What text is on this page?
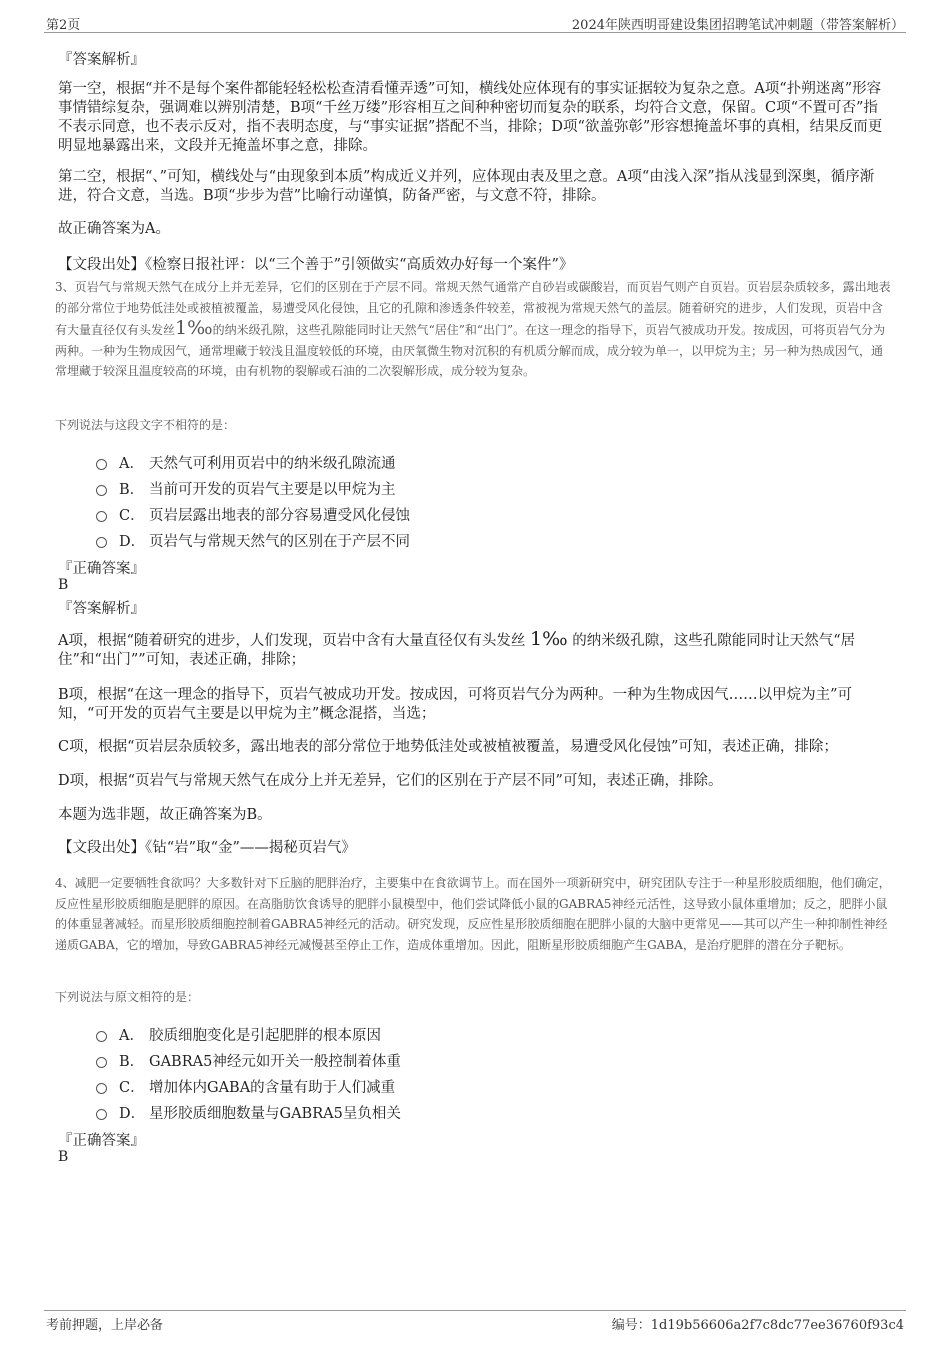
第2页	2024年陕西明哥建设集团招聘笔试冲刺题（带答案解析）
『答案解析』
第一空，根据“并不是每个案件都能轻轻松松查清看懂弄透”可知，横线处应体现有的事实证据较为复杂之意。A项“扑朔迷离”形容事情错综复杂，强调难以辨别清楚，B项“千丝万缕”形容相互之间种种密切而复杂的联系，均符合文意，保留。C项“不置可否”指不表示同意，也不表示反对，指不表明态度，与“事实证据”搭配不当，排除；D项“欲盖弥彰”形容想掩盖坏事的真相，结果反而更明显地暴露出来，文段并无掩盖坏事之意，排除。
第二空，根据“、”可知，横线处与“由现象到本质”构成近义并列，应体现由表及里之意。A项“由浅入深”指从浅显到深奥，循序渐进，符合文意，当选。B项“步步为营”比喻行动谨慎，防备严密，与文意不符，排除。
故正确答案为A。
【文段出处】《检察日报社评：以“三个善于”引领做实“高质效办好每一个案件”》
3、页岩气与常规天然气在成分上并无差异，它们的区别在于产层不同。常规天然气通常产自砂岩或碳酸岩，而页岩气则产自页岩。页岩层杂质较多，露出地表的部分常位于地势低洼处或被植被覆盖，易遭受风化侵蚀，且它的孔隙和渗透条件较差，常被视为常规天然气的盖层。随着研究的进步，人们发现，页岩中含有大量直径仅有头发丝1‰的纳米级孔隙，这些孔隙能同时让天然气“居住”和“出门”。在这一理念的指导下，页岩气被成功开发。按成因，可将页岩气分为两种。一种为生物成因气，通常埋藏于较浅且温度较低的环境，由厌氧微生物对沉积的有机质分解而成，成分较为单一，以甲烷为主；另一种为热成因气，通常埋藏于较深且温度较高的环境，由有机物的裂解或石油的二次裂解形成，成分较为复杂。
下列说法与这段文字不相符的是：
A． 天然气可利用页岩中的纳米级孔隙流通
B． 当前可开发的页岩气主要是以甲烷为主
C． 页岩层露出地表的部分容易遭受风化侵蚀
D． 页岩气与常规天然气的区别在于产层不同
『正确答案』
B
『答案解析』
A项，根据“随着研究的进步，人们发现，页岩中含有大量直径仅有头发丝 1‰ 的纳米级孔隙，这些孔隙能同时让天然气“居住”和“出门””可知，表述正确，排除；
B项，根据“在这一理念的指导下，页岩气被成功开发。按成因，可将页岩气分为两种。一种为生物成因气……以甲烷为主”可知，“可开发的页岩气主要是以甲烷为主”概念混搭，当选；
C项，根据“页岩层杂质较多，露出地表的部分常位于地势低洼处或被植被覆盖，易遭受风化侵蚀”可知，表述正确，排除；
D项，根据“页岩气与常规天然气在成分上并无差异，它们的区别在于产层不同”可知，表述正确，排除。
本题为选非题，故正确答案为B。
【文段出处】《钻“岩”取“金”——揭秘页岩气》
4、减肥一定要牺牲食欲吗？大多数针对下丘脑的肥胖治疗，主要集中在食欲调节上。而在国外一项新研究中，研究团队专注于一种星形胶质细胞，他们确定，反应性星形胶质细胞是肥胖的原因。在高脂肪饮食诱导的肥胖小鼠模型中，他们尝试降低小鼠的GABRA5神经元活性，这导致小鼠体重增加；反之，肥胖小鼠的体重显著减轻。而星形胶质细胞控制着GABRA5神经元的活动。研究发现，反应性星形胶质细胞在肥胖小鼠的大脑中更常见——其可以产生一种抑制性神经递质GABA，它的增加，导致GABRA5神经元减慢甚至停止工作，造成体重增加。因此，阻断星形胶质细胞产生GABA，是治疗肥胖的潜在分子靶标。
下列说法与原文相符的是：
A． 胶质细胞变化是引起肥胖的根本原因
B． GABRA5神经元如开关一般控制着体重
C． 增加体内GABA的含量有助于人们减重
D． 星形胶质细胞数量与GABRA5呈负相关
『正确答案』
B
考前押题，上岸必备	编号：1d19b56606a2f7c8dc77ee36760f93c4
